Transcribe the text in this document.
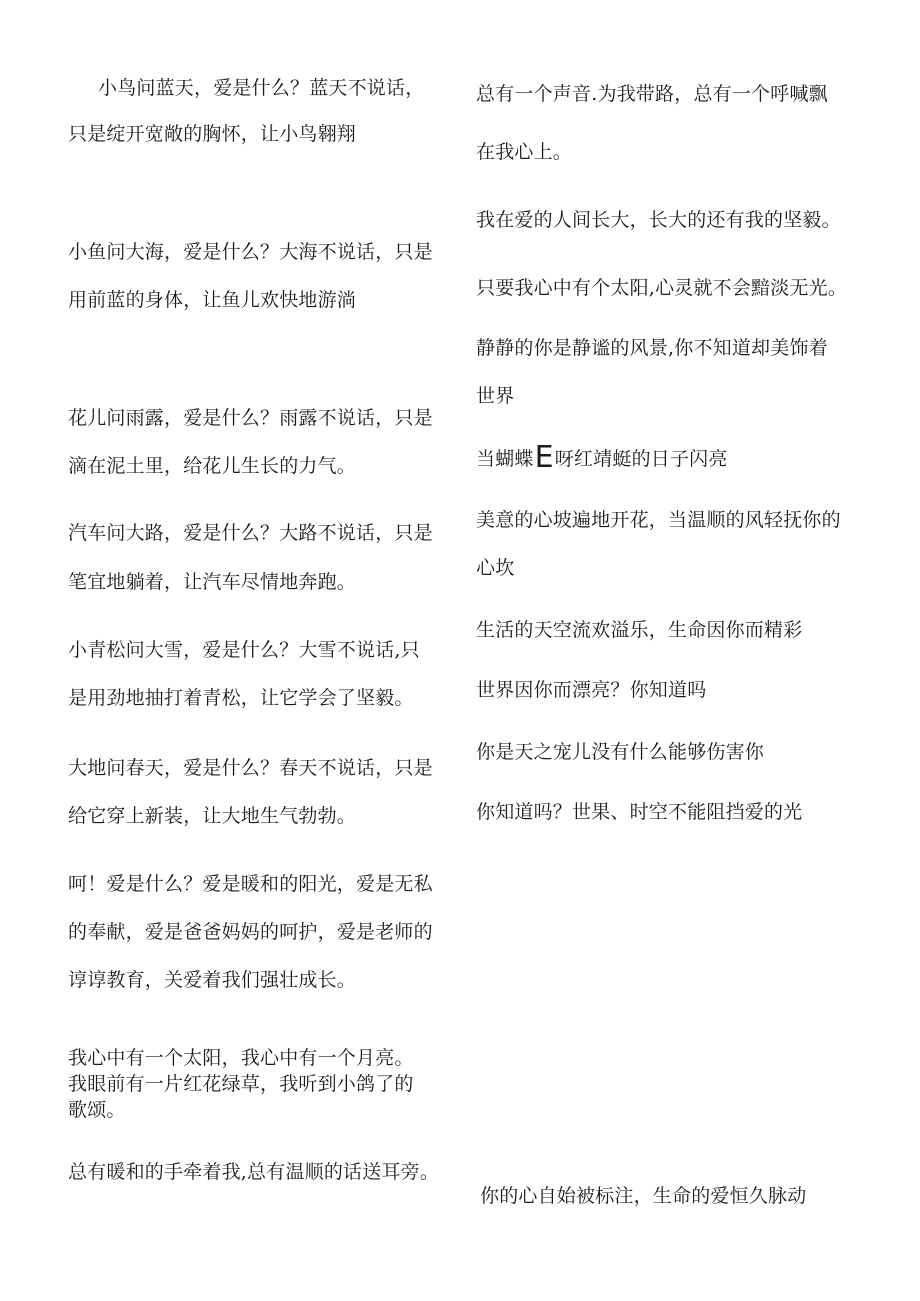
小鸟问蓝天，爱是什么？蓝天不说话，
只是绽开宽敞的胸怀，让小鸟翱翔
小鱼问大海，爱是什么？大海不说话，只是
用前蓝的身体，让鱼儿欢快地游淌
花儿问雨露，爱是什么？雨露不说话，只是
滴在泥土里，给花儿生长的力气。
汽车问大路，爱是什么？大路不说话，只是
笔宜地躺着，让汽车尽情地奔跑。
小青松问大雪，爱是什么？大雪不说话,只
是用劲地抽打着青松，让它学会了坚毅。
大地问春天，爱是什么？春天不说话，只是
给它穿上新装，让大地生气勃勃。
呵！爱是什么？爱是暖和的阳光，爱是无私
的奉献，爱是爸爸妈妈的呵护，爱是老师的
谆谆教育，关爱着我们强壮成长。
我心中有一个太阳，我心中有一个月亮。
我眼前有一片红花绿草，我听到小鸽了的
歌颂。
总有暖和的手牵着我,总有温顺的话送耳旁。
总有一个声音.为我带路，总有一个呼喊飘
在我心上。
我在爱的人间长大，长大的还有我的坚毅。
只要我心中有个太阳,心灵就不会黯淡无光。
静静的你是静谧的风景,你不知道却美饰着
世界
当蝴蝶E呀红靖蜓的日子闪亮
美意的心坡遍地开花，当温顺的风轻抚你的
心坎
生活的天空流欢溢乐，生命因你而精彩
世界因你而漂亮？你知道吗
你是天之宠儿没有什么能够伤害你
你知道吗？世果、时空不能阻挡爱的光
你的心自始被标注，生命的爱恒久脉动
